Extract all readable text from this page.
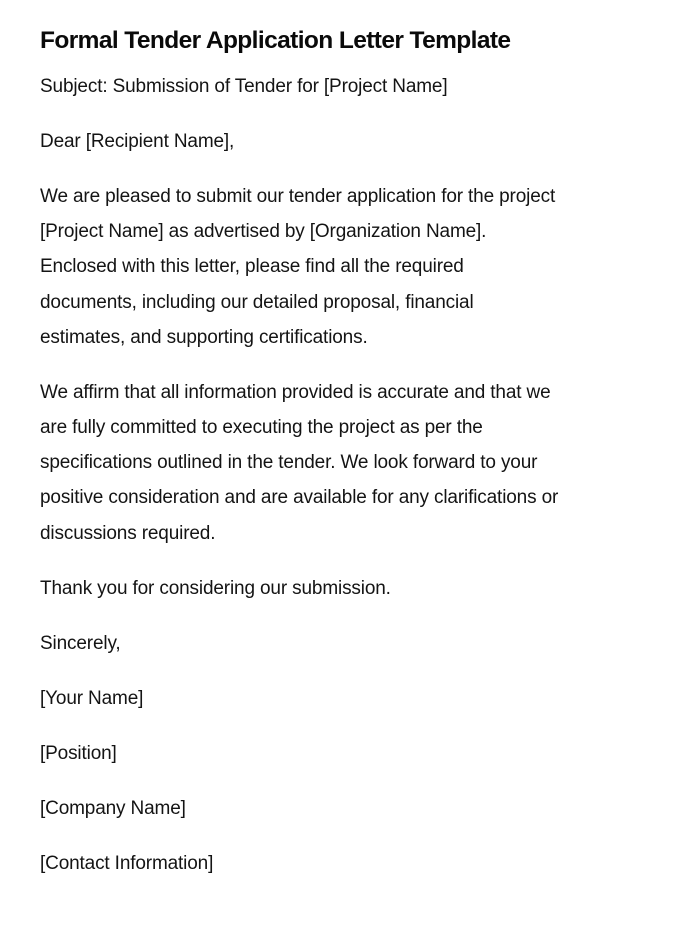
Formal Tender Application Letter Template

Subject: Submission of Tender for [Project Name]

Dear [Recipient Name],

We are pleased to submit our tender application for the project
[Project Name] as advertised by [Organization Name].
Enclosed with this letter, please find all the required
documents, including our detailed proposal, financial
estimates, and supporting certifications.
We affirm that all information provided is accurate and that we
are fully committed to executing the project as per the
specifications outlined in the tender. We look forward to your
positive consideration and are available for any clarifications or
discussions required.

Thank you for considering our submission.

Sincerely,

[Your Name]

[Position]

[Company Name]

[Contact Information]
